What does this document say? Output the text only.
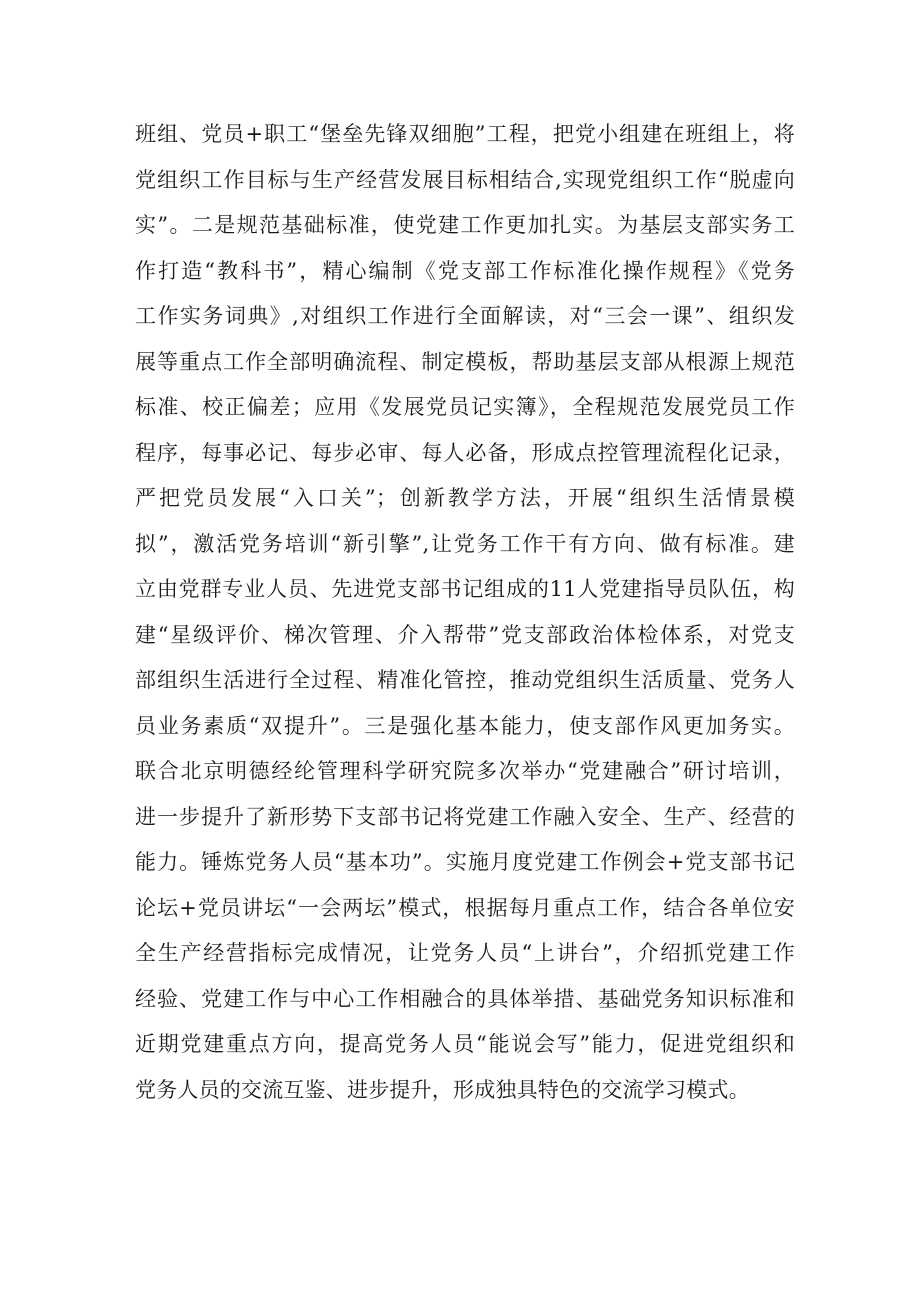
班组、党员+职工“堡垒先锋双细胞”工程，把党小组建在班组上，将
党组织工作目标与生产经营发展目标相结合,实现党组织工作“脱虚向
实”。二是规范基础标准，使党建工作更加扎实。为基层支部实务工
作打造“教科书”，精心编制《党支部工作标准化操作规程》《党务
工作实务词典》,对组织工作进行全面解读，对“三会一课”、组织发
展等重点工作全部明确流程、制定模板，帮助基层支部从根源上规范
标准、校正偏差；应用《发展党员记实簿》，全程规范发展党员工作
程序，每事必记、每步必审、每人必备，形成点控管理流程化记录，
严把党员发展“入口关”；创新教学方法，开展“组织生活情景模
拟”，激活党务培训“新引擎”,让党务工作干有方向、做有标准。建
立由党群专业人员、先进党支部书记组成的11人党建指导员队伍，构
建“星级评价、梯次管理、介入帮带”党支部政治体检体系，对党支
部组织生活进行全过程、精准化管控，推动党组织生活质量、党务人
员业务素质“双提升”。三是强化基本能力，使支部作风更加务实。
联合北京明德经纶管理科学研究院多次举办“党建融合”研讨培训，
进一步提升了新形势下支部书记将党建工作融入安全、生产、经营的
能力。锤炼党务人员“基本功”。实施月度党建工作例会+党支部书记
论坛+党员讲坛“一会两坛”模式，根据每月重点工作，结合各单位安
全生产经营指标完成情况，让党务人员“上讲台”，介绍抓党建工作
经验、党建工作与中心工作相融合的具体举措、基础党务知识标准和
近期党建重点方向，提高党务人员“能说会写”能力，促进党组织和
党务人员的交流互鉴、进步提升，形成独具特色的交流学习模式。
